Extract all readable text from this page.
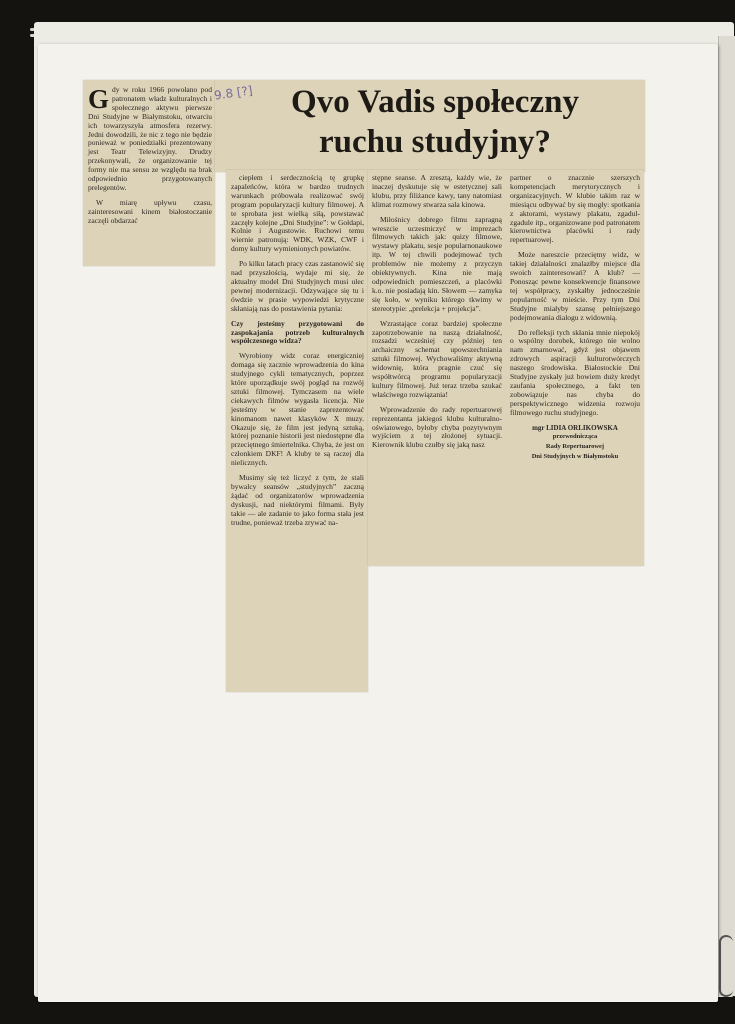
9.8 [?]	Qvo Vadis społeczny
ruchu studyjny?
G dy w roku 1966 powołano pod patronatem władz kulturalnych i społecznego aktywu pierwsze Dni Studyjne w Białymstoku, otwarciu ich towarzyszyła atmosfera rezerwy. Jedni dowodzili, że nic z tego nie będzie ponieważ w poniedziałki prezentowany jest Teatr Telewizyjny. Drudzy przekonywali, że organizowanie tej formy nie ma sensu ze względu na brak odpowiednio przygotowanych prelegentów.

W miarę upływu czasu, zainteresowani kinem białostoczanie zaczęli obdarzać

ciepłem i serdecznością tę grupkę zapaleńców, która w bardzo trudnych warunkach próbowała realizować swój program popularyzacji kultury filmowej. A te sprobata jest wielką siłą, powstawać zaczęły kolejne „Dni Studyjne”: w Gołdapi, Kolnie i Augustowie. Ruchowi temu wiernie patronują: WDK, WZK, CWF i domy kultury wymienionych powiatów.

Po kilku latach pracy czas zastanowić się nad przyszłością, wydaje mi się, że aktualny model Dni Studyjnych musi ulec pewnej modernizacji. Odzywające się tu i ówdzie w prasie wypowiedzi krytyczne skłaniają nas do postawienia pytania:

Czy jesteśmy przygotowani do zaspokajania potrzeb kulturalnych współczesnego widza?

Wyrobiony widz coraz energiczniej domaga się zacznie wprowadzenia do kina studyjnego cykli tematycznych, poprzez które uporządkuje swój pogląd na rozwój sztuki filmowej. Tymczasem na wiele ciekawych filmów wygasła licencja. Nie jesteśmy w stanie zaprezentować kinomanom nawet klasyków X muzy. Okazuje się, że film jest jedyną sztuką, której poznanie historii jest niedostępne dla przeciętnego śmiertelnika. Chyba, że jest on członkiem DKF! A kluby te są raczej dla nielicznych.

Musimy się też liczyć z tym, że stali bywalcy seansów „studyjnych” zaczną żądać od organizatorów wprowadzenia dyskusji, nad niektórymi filmami. Były takie — ale zadanie to jako forma stała jest trudne, ponieważ trzeba zrywać na-

stępne seanse. A zresztą, każdy wie, że inaczej dyskutuje się w estetycznej sali klubu, przy filiżance kawy, tany natomiast klimat rozmowy stwarza sala kinowa.

Miłośnicy dobrego filmu zapragną wreszcie uczestniczyć w imprezach filmowych takich jak: quizy filmowe, wystawy plakatu, sesje popularnonaukowe itp. W tej chwili podejmować tych problemów nie możemy z przyczyn obiektywnych. Kina nie mają odpowiednich pomieszczeń, a placówki k.o. nie posiadają kin. Słowem — zamyka się koło, w wyniku którego tkwimy w stereotypie: „prelekcja + projekcja”.

Wzrastające coraz bardziej społeczne zapotrzebowanie na naszą działalność, rozsadzi wcześniej czy później ten archaiczny schemat upowszechniania sztuki filmowej. Wychowaliśmy aktywną widownię, która pragnie czuć się współtwórcą programu popularyzacji kultury filmowej. Już teraz trzeba szukać właściwego rozwiązania!

Wprowadzenie do rady repertuarowej reprezentanta jakiegoś klubu kulturalno-oświatowego, byłoby chyba pozytywnym wyjściem z tej złożonej sytuacji. Kierownik klubu czułby się jaką nasz

partner o znacznie szerszych kompetencjach merytorycznych i organizacyjnych. W klubie takim raz w miesiącu odbywać by się mogły: spotkania z aktorami, wystawy plakatu, zgadul-zgadule itp., organizowane pod patronatem kierownictwa placówki i rady repertuarowej.

Może nareszcie przeciętny widz, w takiej działalności znalazłby miejsce dla swoich zainteresowań? A klub? — Ponosząc pewne konsekwencje finansowe tej współpracy, zyskałby jednocześnie popularność w mieście. Przy tym Dni Studyjne miałyby szansę pełniejszego podejmowania dialogu z widownią.

Do refleksji tych skłania mnie niepokój o wspólny dorobek, którego nie wolno nam zmarnować, gdyż jest objawem zdrowych aspiracji kulturotwórczych naszego środowiska. Białostockie Dni Studyjne zyskały już bowiem duży kredyt zaufania społecznego, a fakt ten zobowiązuje nas chyba do perspektywicznego widzenia rozwoju filmowego ruchu studyjnego.

mgr LIDIA ORLIKOWSKA
przewodnicząca
Rady Repertuarowej
Dni Studyjnych w Białymstoku
